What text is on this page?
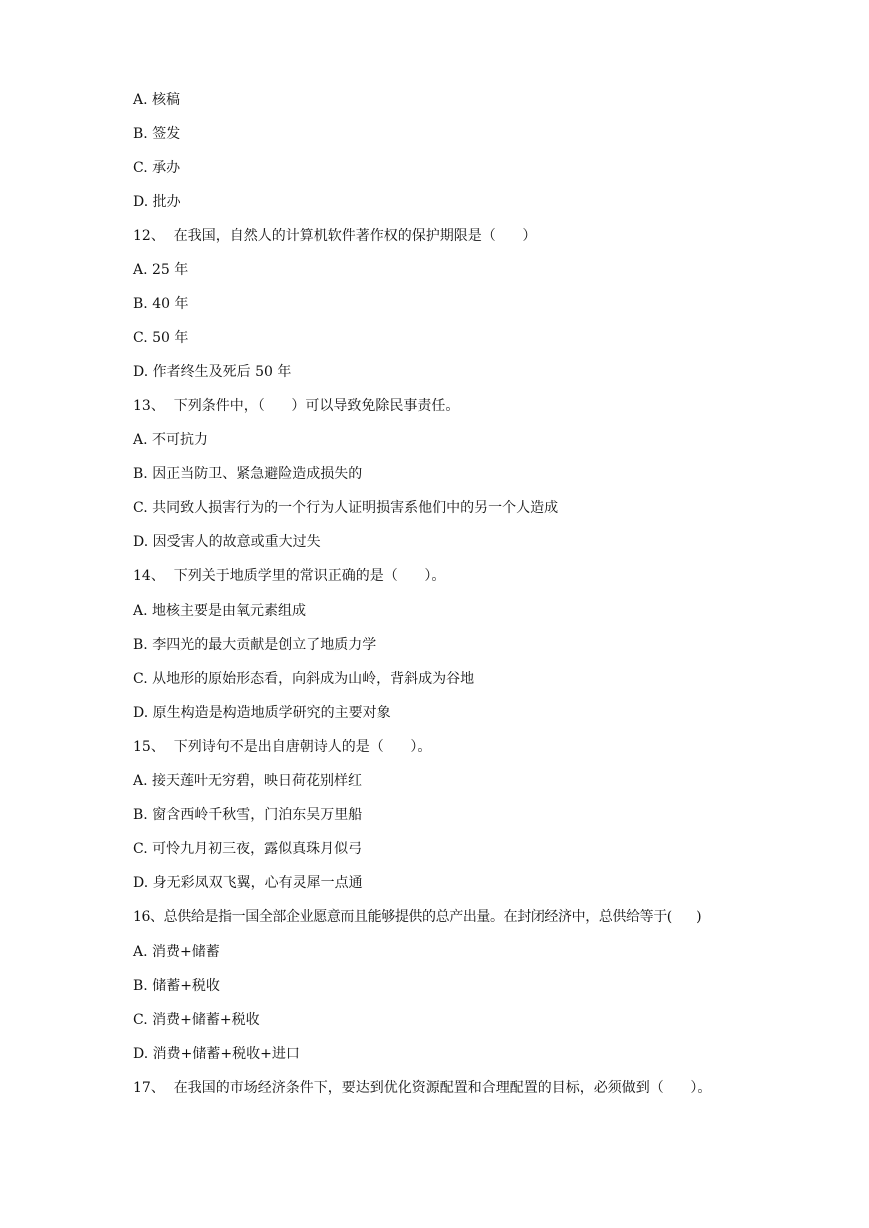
A. 核稿
B. 签发
C. 承办
D. 批办
12、  在我国，自然人的计算机软件著作权的保护期限是（      ）
A. 25 年
B. 40 年
C. 50 年
D. 作者终生及死后 50 年
13、  下列条件中，（      ）可以导致免除民事责任。
A. 不可抗力
B. 因正当防卫、紧急避险造成损失的
C. 共同致人损害行为的一个行为人证明损害系他们中的另一个人造成
D. 因受害人的故意或重大过失
14、  下列关于地质学里的常识正确的是（      ）。
A. 地核主要是由氧元素组成
B. 李四光的最大贡献是创立了地质力学
C. 从地形的原始形态看，向斜成为山岭，背斜成为谷地
D. 原生构造是构造地质学研究的主要对象
15、  下列诗句不是出自唐朝诗人的是（      ）。
A. 接天莲叶无穷碧，映日荷花别样红
B. 窗含西岭千秋雪，门泊东吴万里船
C. 可怜九月初三夜，露似真珠月似弓
D. 身无彩凤双飞翼，心有灵犀一点通
16、总供给是指一国全部企业愿意而且能够提供的总产出量。在封闭经济中，总供给等于(      )
A. 消费+储蓄
B. 储蓄+税收
C. 消费+储蓄+税收
D. 消费+储蓄+税收+进口
17、  在我国的市场经济条件下，要达到优化资源配置和合理配置的目标，必须做到（      ）。
